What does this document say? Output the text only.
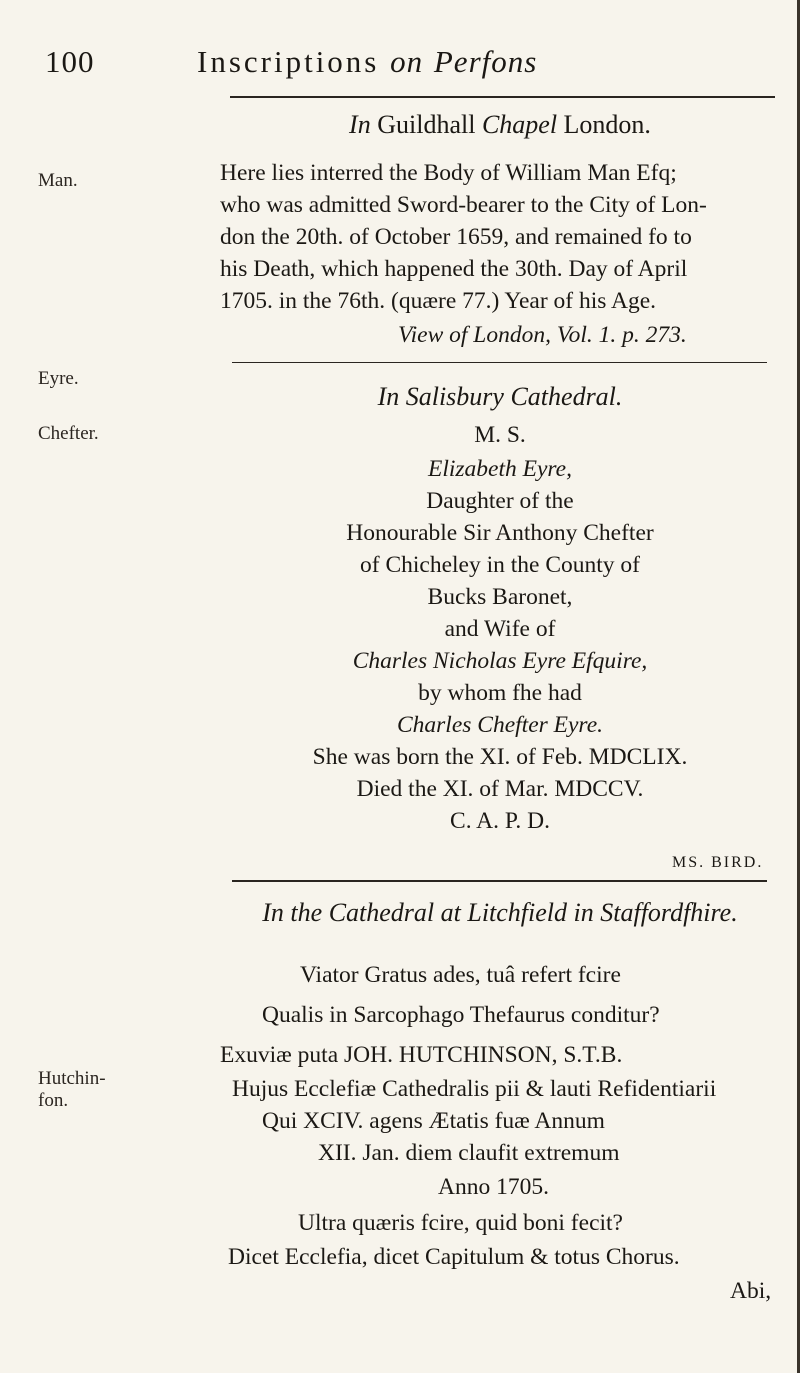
100	Inscriptions on Perfons
Man.
Eyre.
Chefter.
Hutchin-
fon.
In Guildhall Chapel London.
Here lies interred the Body of William Man Efq;
who was admitted Sword-bearer to the City of Lon-
don the 20th. of October 1659, and remained fo to
his Death, which happened the 30th. Day of April
1705. in the 76th. (quære 77.) Year of his Age.
View of London, Vol. 1. p. 273.
In Salisbury Cathedral.
M. S.
Elizabeth Eyre,
Daughter of the
Honourable Sir Anthony Chefter
of Chicheley in the County of
Bucks Baronet,
and Wife of
Charles Nicholas Eyre Efquire,
by whom fhe had
Charles Chefter Eyre.
She was born the XI. of Feb. MDCLIX.
Died the XI. of Mar. MDCCV.
C. A. P. D.
MS. BIRD.
In the Cathedral at Litchfield in Staffordfhire.
Viator Gratus ades, tuâ refert fcire
Qualis in Sarcophago Thefaurus conditur?
Exuviæ puta JOH. HUTCHINSON, S.T.B.
Hujus Ecclefiæ Cathedralis pii & lauti Refidentiarii
Qui XCIV. agens Ætatis fuæ Annum
XII. Jan. diem claufit extremum
Anno 1705.
Ultra quæris fcire, quid boni fecit?
Dicet Ecclefia, dicet Capitulum & totus Chorus.
Abi,
